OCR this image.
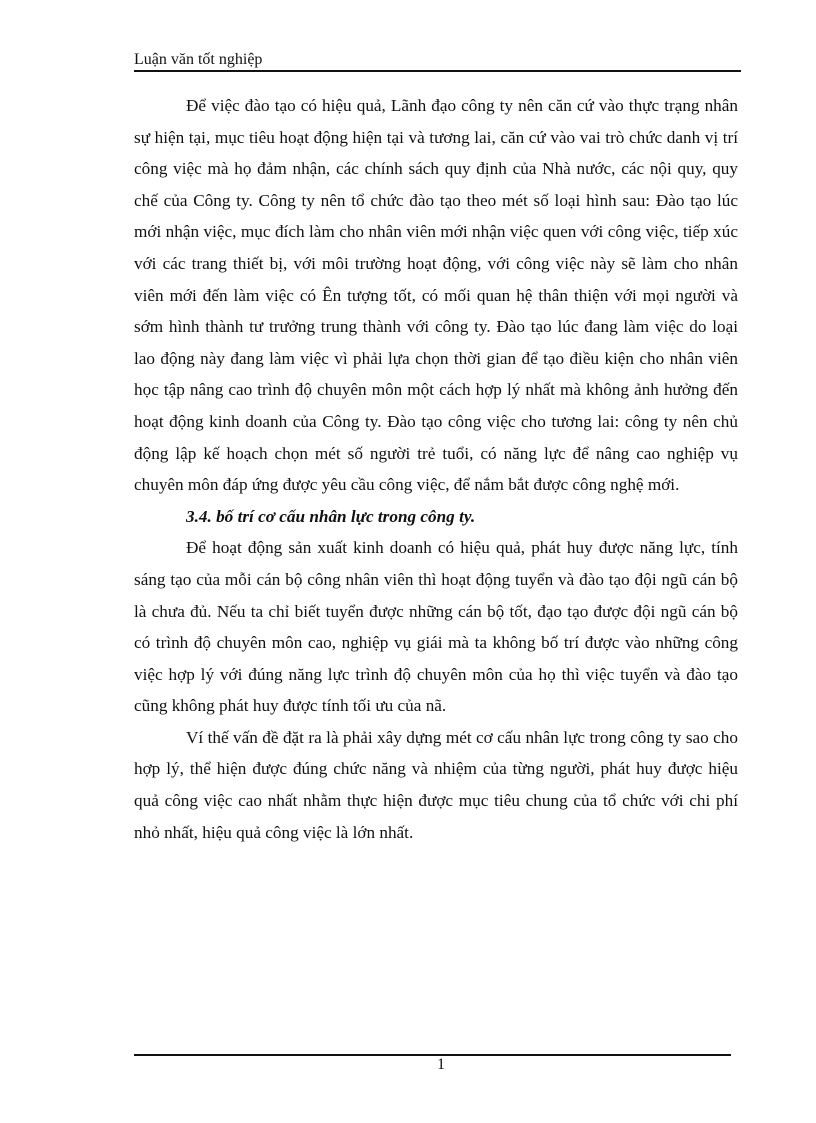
Luận văn tốt nghiệp

Để việc đào tạo có hiệu quả, Lãnh đạo công ty nên căn cứ vào thực trạng nhân sự hiện tại, mục tiêu hoạt động hiện tại và tương lai, căn cứ vào vai trò chức danh vị trí công việc mà họ đảm nhận, các chính sách quy định của Nhà nước, các nội quy, quy chế của Công ty. Công ty nên tổ chức đào tạo theo mét số loại hình sau: Đào tạo lúc mới nhận việc, mục đích làm cho nhân viên mới nhận việc quen với công việc, tiếp xúc với các trang thiết bị, với môi trường hoạt động, với công việc này sẽ làm cho nhân viên mới đến làm việc có Ên tượng tốt, có mối quan hệ thân thiện với mọi người và sớm hình thành tư trưởng trung thành với công ty. Đào tạo lúc đang làm việc do loại lao động này đang làm việc vì phải lựa chọn thời gian để tạo điều kiện cho nhân viên học tập nâng cao trình độ chuyên môn một cách hợp lý nhất mà không ảnh hưởng đến hoạt động kinh doanh của Công ty. Đào tạo công việc cho tương lai: công ty nên chủ động lập kế hoạch chọn mét số người trẻ tuổi, có năng lực để nâng cao nghiệp vụ chuyên môn đáp ứng được yêu cầu công việc, để nắm bắt được công nghệ mới.

3.4. bố trí cơ cấu nhân lực trong công ty.

Để hoạt động sản xuất kinh doanh có hiệu quả, phát huy được năng lực, tính sáng tạo của mỗi cán bộ công nhân viên thì hoạt động tuyển và đào tạo đội ngũ cán bộ là chưa đủ. Nếu ta chỉ biết tuyển được những cán bộ tốt, đạo tạo được đội ngũ cán bộ có trình độ chuyên môn cao, nghiệp vụ giái mà ta không bố trí được vào những công việc hợp lý với đúng năng lực trình độ chuyên môn của họ thì việc tuyển và đào tạo cũng không phát huy được tính tối ưu của nã.

Ví thế vấn đề đặt ra là phải xây dựng mét cơ cấu nhân lực trong công ty sao cho hợp lý, thể hiện được đúng chức năng và nhiệm của từng người, phát huy được hiệu quả công việc cao nhất nhằm thực hiện được mục tiêu chung của tổ chức với chi phí nhỏ nhất, hiệu quả công việc là lớn nhất.

1
